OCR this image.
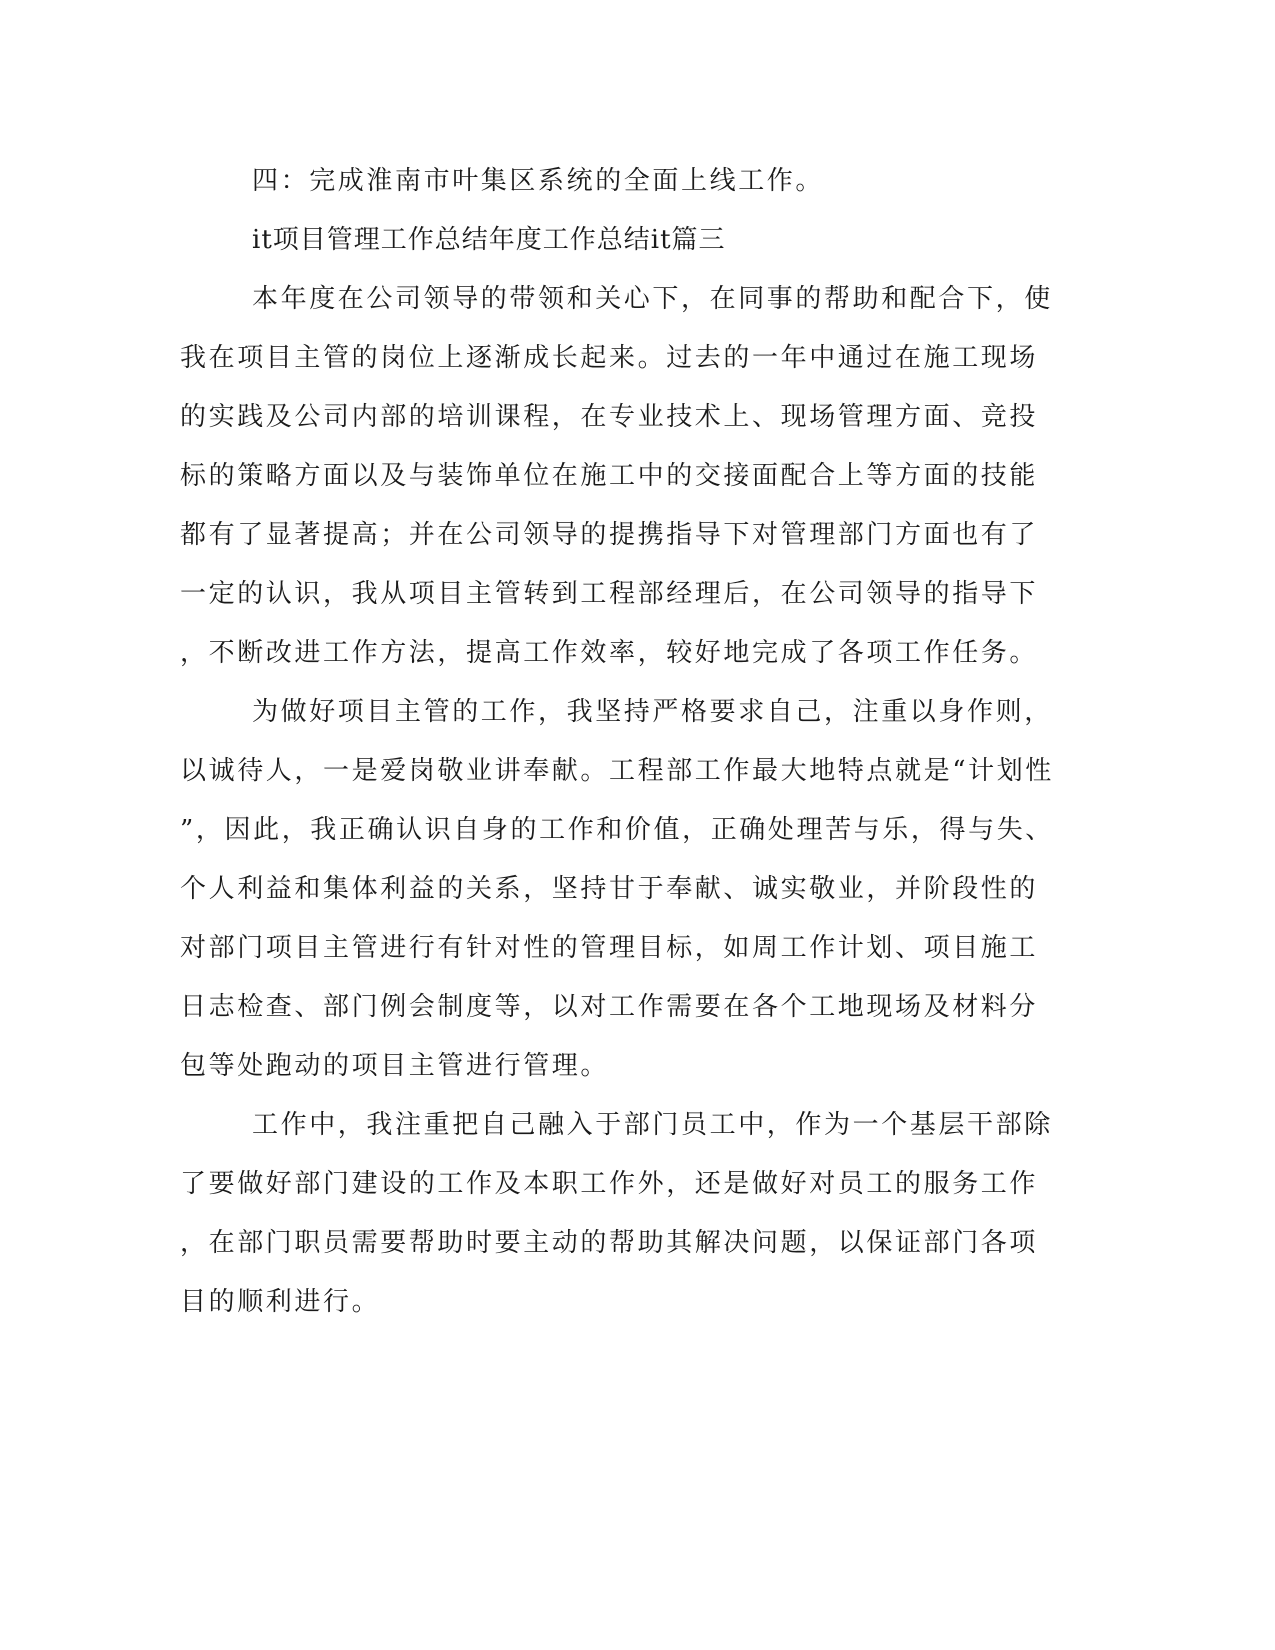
四：完成淮南市叶集区系统的全面上线工作。

it项目管理工作总结年度工作总结it篇三

本年度在公司领导的带领和关心下，在同事的帮助和配合下，使

我在项目主管的岗位上逐渐成长起来。过去的一年中通过在施工现场

的实践及公司内部的培训课程，在专业技术上、现场管理方面、竞投

标的策略方面以及与装饰单位在施工中的交接面配合上等方面的技能

都有了显著提高；并在公司领导的提携指导下对管理部门方面也有了

一定的认识，我从项目主管转到工程部经理后，在公司领导的指导下

，不断改进工作方法，提高工作效率，较好地完成了各项工作任务。

为做好项目主管的工作，我坚持严格要求自己，注重以身作则，

以诚待人，一是爱岗敬业讲奉献。工程部工作最大地特点就是“计划性

”，因此，我正确认识自身的工作和价值，正确处理苦与乐，得与失、

个人利益和集体利益的关系，坚持甘于奉献、诚实敬业，并阶段性的

对部门项目主管进行有针对性的管理目标，如周工作计划、项目施工

日志检查、部门例会制度等，以对工作需要在各个工地现场及材料分

包等处跑动的项目主管进行管理。

工作中，我注重把自己融入于部门员工中，作为一个基层干部除

了要做好部门建设的工作及本职工作外，还是做好对员工的服务工作

，在部门职员需要帮助时要主动的帮助其解决问题，以保证部门各项

目的顺利进行。
